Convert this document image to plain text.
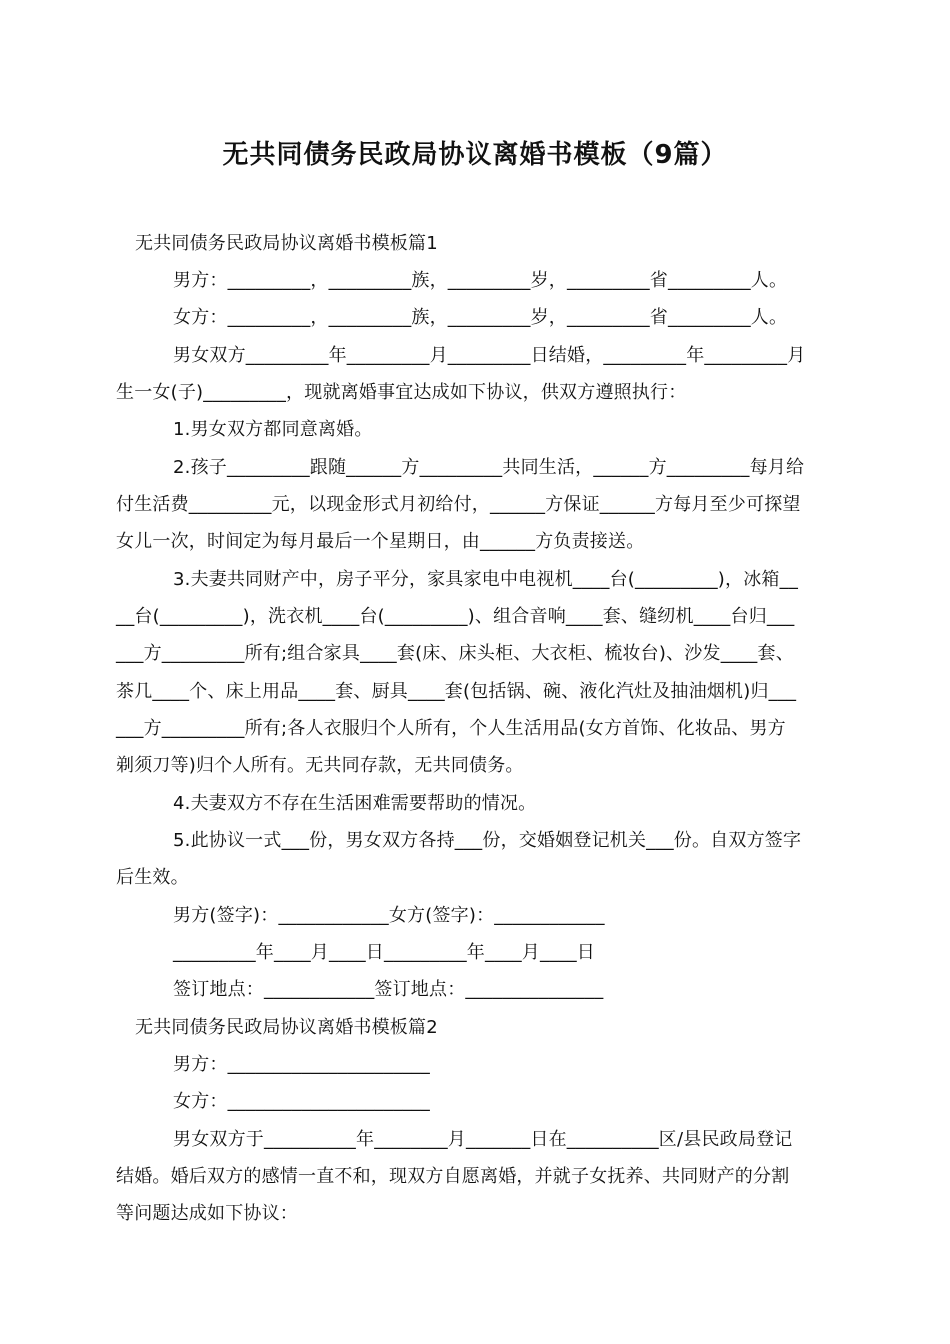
无共同债务民政局协议离婚书模板（9篇）
无共同债务民政局协议离婚书模板篇1
男方：_________，_________族，_________岁，_________省_________人。
女方：_________，_________族，_________岁，_________省_________人。
男女双方_________年_________月_________日结婚，_________年_________月
生一女(子)_________，现就离婚事宜达成如下协议，供双方遵照执行：
1.男女双方都同意离婚。
2.孩子_________跟随______方_________共同生活，______方_________每月给
付生活费_________元，以现金形式月初给付，______方保证______方每月至少可探望
女儿一次，时间定为每月最后一个星期日，由______方负责接送。
3.夫妻共同财产中，房子平分，家具家电中电视机____台(_________)，冰箱__
__台(_________)，洗衣机____台(_________)、组合音响____套、缝纫机____台归___
___方_________所有;组合家具____套(床、床头柜、大衣柜、梳妆台)、沙发____套、
茶几____个、床上用品____套、厨具____套(包括锅、碗、液化汽灶及抽油烟机)归___
___方_________所有;各人衣服归个人所有，个人生活用品(女方首饰、化妆品、男方
剃须刀等)归个人所有。无共同存款，无共同债务。
4.夫妻双方不存在生活困难需要帮助的情况。
5.此协议一式___份，男女双方各持___份，交婚姻登记机关___份。自双方签字
后生效。
男方(签字)：____________女方(签字)：____________
_________年____月____日_________年____月____日
签订地点：____________签订地点：_______________
无共同债务民政局协议离婚书模板篇2
男方：______________________
女方：______________________
男女双方于__________年________月_______日在__________区/县民政局登记
结婚。婚后双方的感情一直不和，现双方自愿离婚，并就子女抚养、共同财产的分割
等问题达成如下协议：
